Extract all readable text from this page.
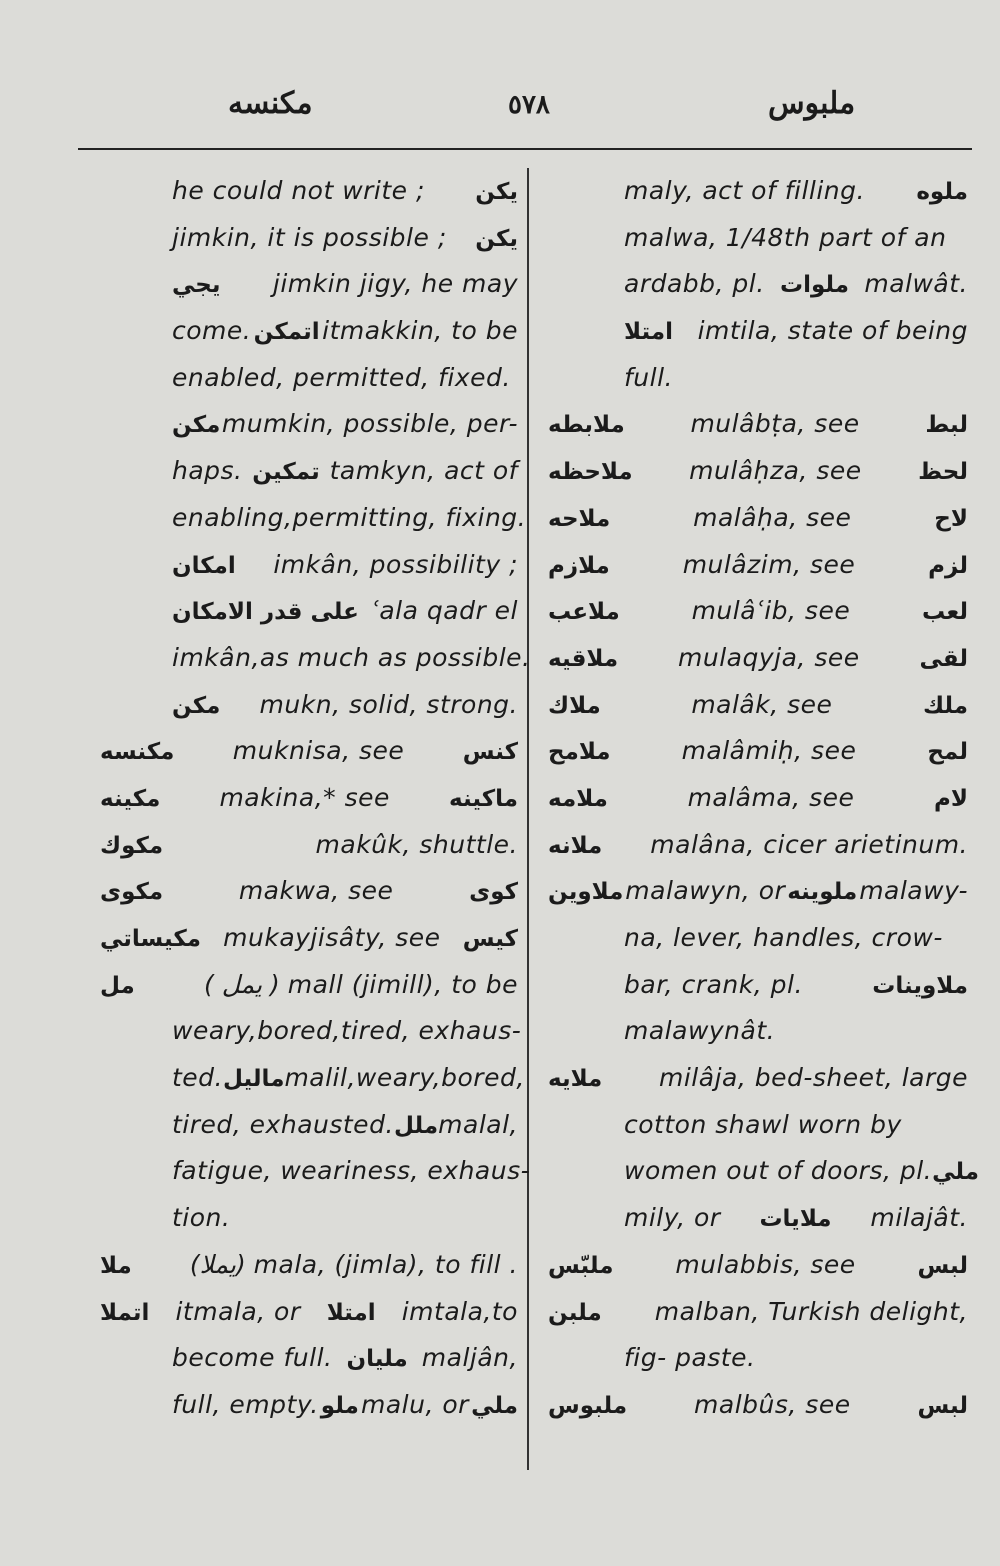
مكنسه	٥٧٨	ملبوس
he could not write ; يكن
jimkin, it is possible ; يكن
يجي jimkin jigy, he may
come. اتمكن itmakkin, to be
enabled, permitted, fixed.
مكن mumkin, possible, per-
haps. تمكين tamkyn, act of
enabling,permitting, fixing.
امكان imkân, possibility ;
على قدر الامكان ʿala qadr el
imkân,as much as possible.
مكن mukn, solid, strong.
مكنسه muknisa, see	كنس
مكينه makina,* see	ماكينه
مكوك	makûk, shuttle.
مكوى	makwa, see	كوى
مكيساتي mukayjisâty, see كيس
مل	( يمل ) mall (jimill), to be
weary,bored,tired, exhaus-
ted. ماليل malil,weary,bored,
tired, exhausted. ملل malal,
fatigue, weariness, exhaus-
tion.
ملا (يملا) mala, (jimla), to fill .
اتملا itmala, or امتلا imtala,to
become full. مليان maljân,
full, empty. ملو malu, or ملي
maly, act of filling. ملوه
malwa, 1/48th part of an
ardabb, pl. ملوات malwât.
امتلا imtila, state of being
full.
ملابطه	mulâbṭa, see	لبط
ملاحظه mulâḥza, see لحظ
ملاحه	malâḥa, see	لاح
ملازم	mulâzim, see	لزم
ملاعب	mulâʿib, see	لعب
ملاقيه mulaqyja, see	لقى
ملاك	malâk, see	ملك
ملامح	malâmiḥ, see	لمح
ملامه	malâma, see	لام
ملانه malâna, cicer arietinum.
ملاوين malawyn, or ملوينه malawy-
na, lever, handles, crow-
bar, crank, pl.	ملاوينات
malawynât.
ملايه milâja, bed-sheet, large
cotton shawl worn by
women out of doors, pl. ملي
mily, or ملايات milajât.
ملبّس mulabbis, see	لبس
ملبن malban, Turkish delight,
fig- paste.
ملبوس	malbûs, see	لبس
